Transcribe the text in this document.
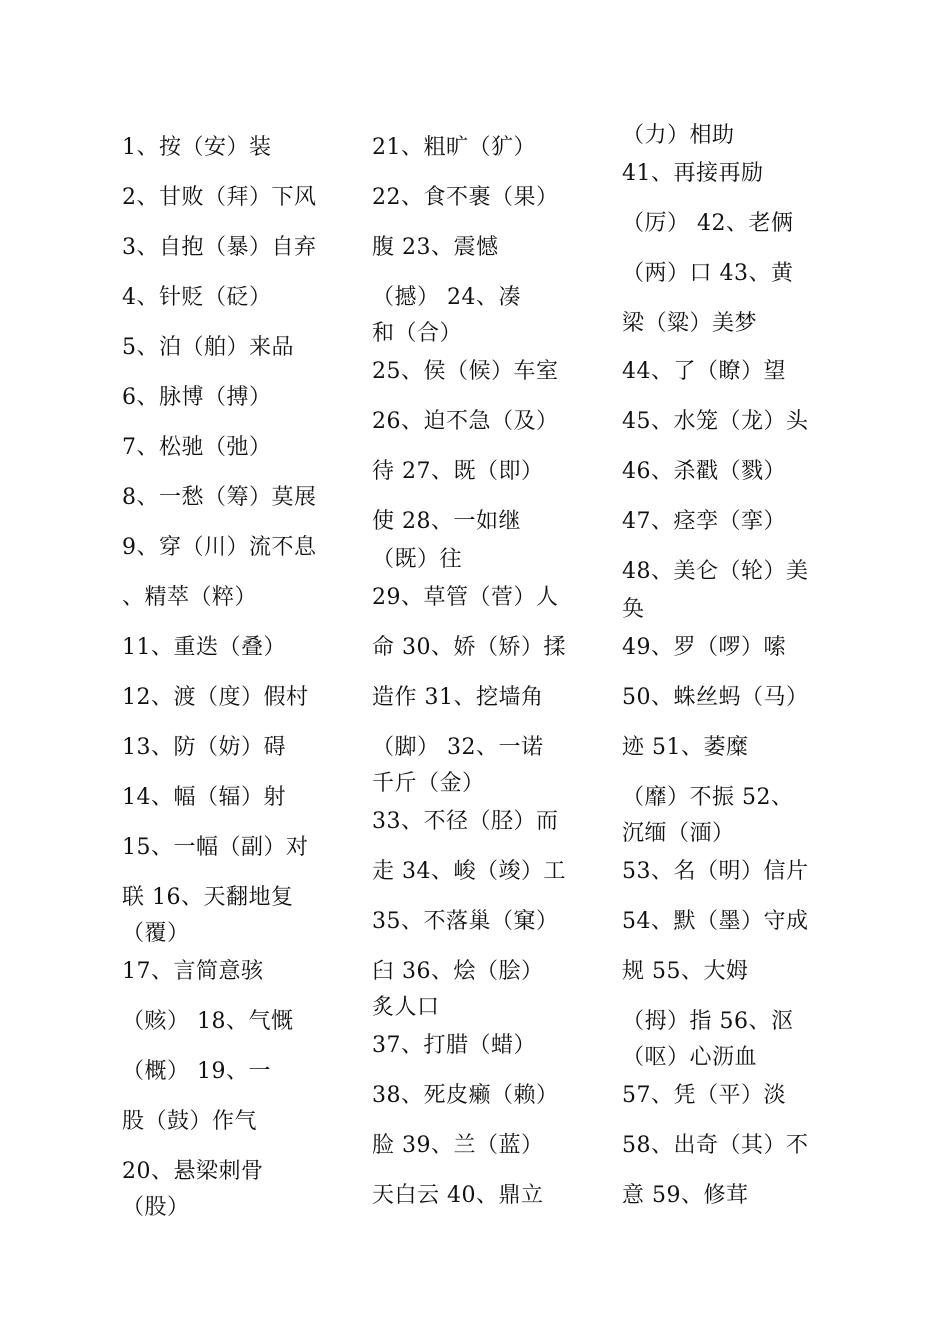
1、按（安）装
2、甘败（拜）下风
3、自抱（暴）自弃
4、针贬（砭）
5、泊（舶）来品
6、脉博（搏）
7、松驰（弛）
8、一愁（筹）莫展
9、穿（川）流不息
、精萃（粹）
11、重迭（叠）
12、渡（度）假村
13、防（妨）碍
14、幅（辐）射
15、一幅（副）对
联 16、天翻地复
（覆）
17、言简意骇
（赅） 18、气慨
（概） 19、一
股（鼓）作气
20、悬梁刺骨
（股）
21、粗旷（犷）
22、食不裹（果）
腹 23、震憾
（撼） 24、凑
和（合）
25、侯（候）车室
26、迫不急（及）
待 27、既（即）
使 28、一如继
（既）往
29、草管（菅）人
命 30、娇（矫）揉
造作 31、挖墙角
（脚） 32、一诺
千斤（金）
33、不径（胫）而
走 34、峻（竣）工
35、不落巢（窠）
臼 36、烩（脍）
炙人口
37、打腊（蜡）
38、死皮癞（赖）
脸 39、兰（蓝）
天白云 40、鼎立
（力）相助
41、再接再励
（厉） 42、老俩
（两）口 43、黄
梁（粱）美梦
44、了（瞭）望
45、水笼（龙）头
46、杀戳（戮）
47、痉孪（挛）
48、美仑（轮）美
奂
49、罗（啰）嗦
50、蛛丝蚂（马）
迹 51、萎糜
（靡）不振 52、
沉缅（湎）
53、名（明）信片
54、默（墨）守成
规 55、大姆
（拇）指 56、沤
（呕）心沥血
57、凭（平）淡
58、出奇（其）不
意 59、修茸
